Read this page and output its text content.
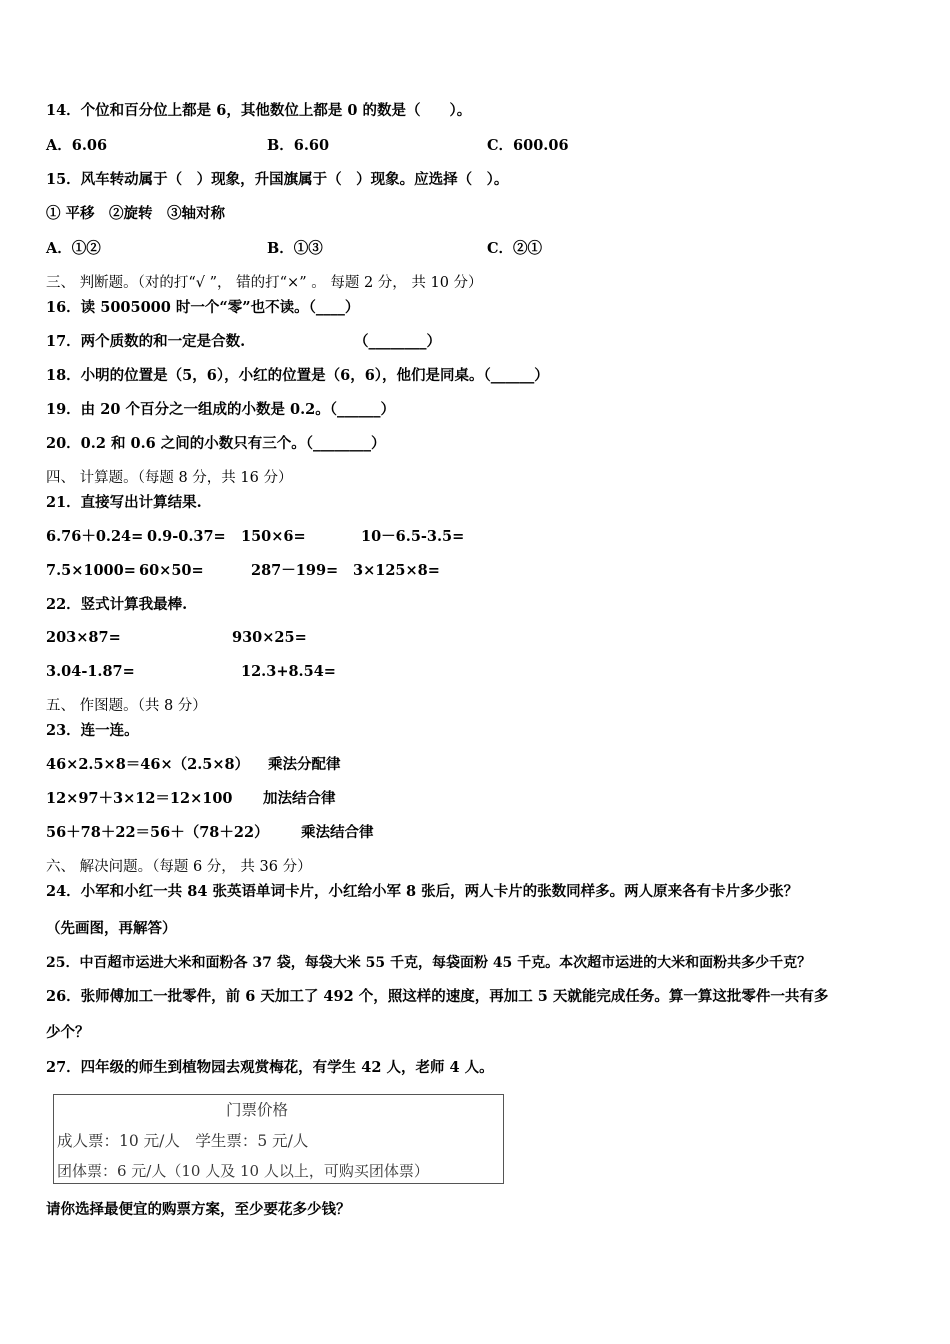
14．个位和百分位上都是 6，其他数位上都是 0 的数是（　　）。
A．6.06	B．6.60	C．600.06
15．风车转动属于（　）现象，升国旗属于（　）现象。应选择（　）。
① 平移　②旋转　③轴对称
A．①②	B．①③	C．②①
三、 判断题。（对的打“√ ”， 错的打“×” 。 每题 2 分， 共 10 分）
16．读 5005000 时一个“零”也不读。（____）
17．两个质数的和一定是合数.　　　　　　　　（________）
18．小明的位置是（5，6），小红的位置是（6，6），他们是同桌。（______）
19．由 20 个百分之一组成的小数是 0.2。（______）
20．0.2 和 0.6 之间的小数只有三个。（________）
四、 计算题。（每题 8 分，共 16 分）
21．直接写出计算结果.
6.76＋0.24= 0.9-0.37= 150×6=	10－6.5-3.5=
7.5×1000= 60×50=	287－199= 3×125×8=
22．竖式计算我最棒.
203×87=	930×25=
3.04-1.87=	12.3+8.54=
五、 作图题。（共 8 分）
23．连一连。
46×2.5×8＝46×（2.5×8） 乘法分配律
12×97＋3×12＝12×100 加法结合律
56＋78＋22＝56＋（78＋22） 乘法结合律
六、 解决问题。（每题 6 分， 共 36 分）
24．小军和小红一共 84 张英语单词卡片，小红给小军 8 张后，两人卡片的张数同样多。两人原来各有卡片多少张？
（先画图，再解答）
25．中百超市运进大米和面粉各 37 袋，每袋大米 55 千克，每袋面粉 45 千克。本次超市运进的大米和面粉共多少千克？
26．张师傅加工一批零件，前 6 天加工了 492 个，照这样的速度，再加工 5 天就能完成任务。算一算这批零件一共有多
少个？
27．四年级的师生到植物园去观赏梅花，有学生 42 人，老师 4 人。
门票价格
成人票：10 元/人　学生票：5 元/人
团体票：6 元/人（10 人及 10 人以上，可购买团体票）
请你选择最便宜的购票方案，至少要花多少钱？
